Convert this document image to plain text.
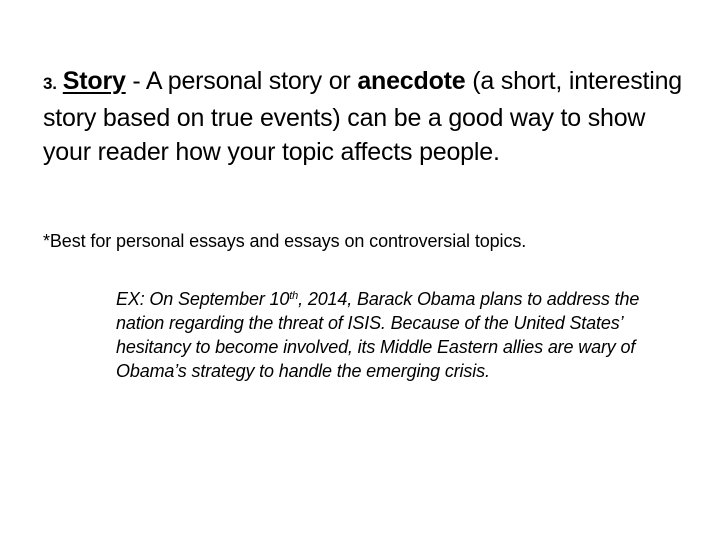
3. Story - A personal story or anecdote (a short, interesting story based on true events) can be a good way to show your reader how your topic affects people.
*Best for personal essays and essays on controversial topics.
EX: On September 10th, 2014, Barack Obama plans to address the nation regarding the threat of ISIS. Because of the United States’ hesitancy to become involved, its Middle Eastern allies are wary of Obama’s strategy to handle the emerging crisis.
